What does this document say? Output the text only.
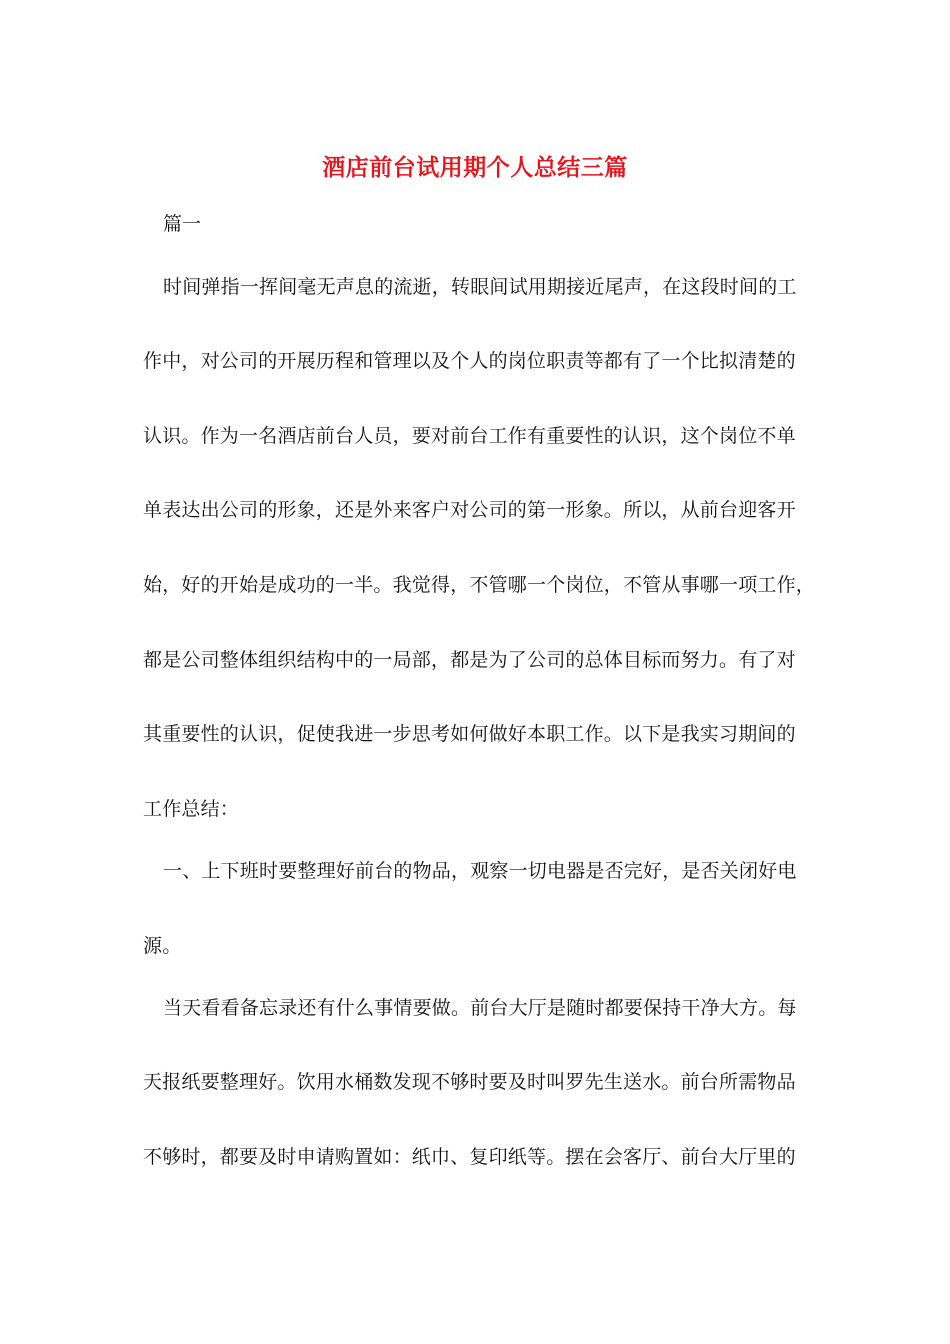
酒店前台试用期个人总结三篇
篇一
时间弹指一挥间毫无声息的流逝，转眼间试用期接近尾声，在这段时间的工
作中，对公司的开展历程和管理以及个人的岗位职责等都有了一个比拟清楚的
认识。作为一名酒店前台人员，要对前台工作有重要性的认识，这个岗位不单
单表达出公司的形象，还是外来客户对公司的第一形象。所以，从前台迎客开
始，好的开始是成功的一半。我觉得，不管哪一个岗位，不管从事哪一项工作，
都是公司整体组织结构中的一局部，都是为了公司的总体目标而努力。有了对
其重要性的认识，促使我进一步思考如何做好本职工作。以下是我实习期间的
工作总结：
一、上下班时要整理好前台的物品，观察一切电器是否完好，是否关闭好电
源。
当天看看备忘录还有什么事情要做。前台大厅是随时都要保持干净大方。每
天报纸要整理好。饮用水桶数发现不够时要及时叫罗先生送水。前台所需物品
不够时，都要及时申请购置如：纸巾、复印纸等。摆在会客厅、前台大厅里的
